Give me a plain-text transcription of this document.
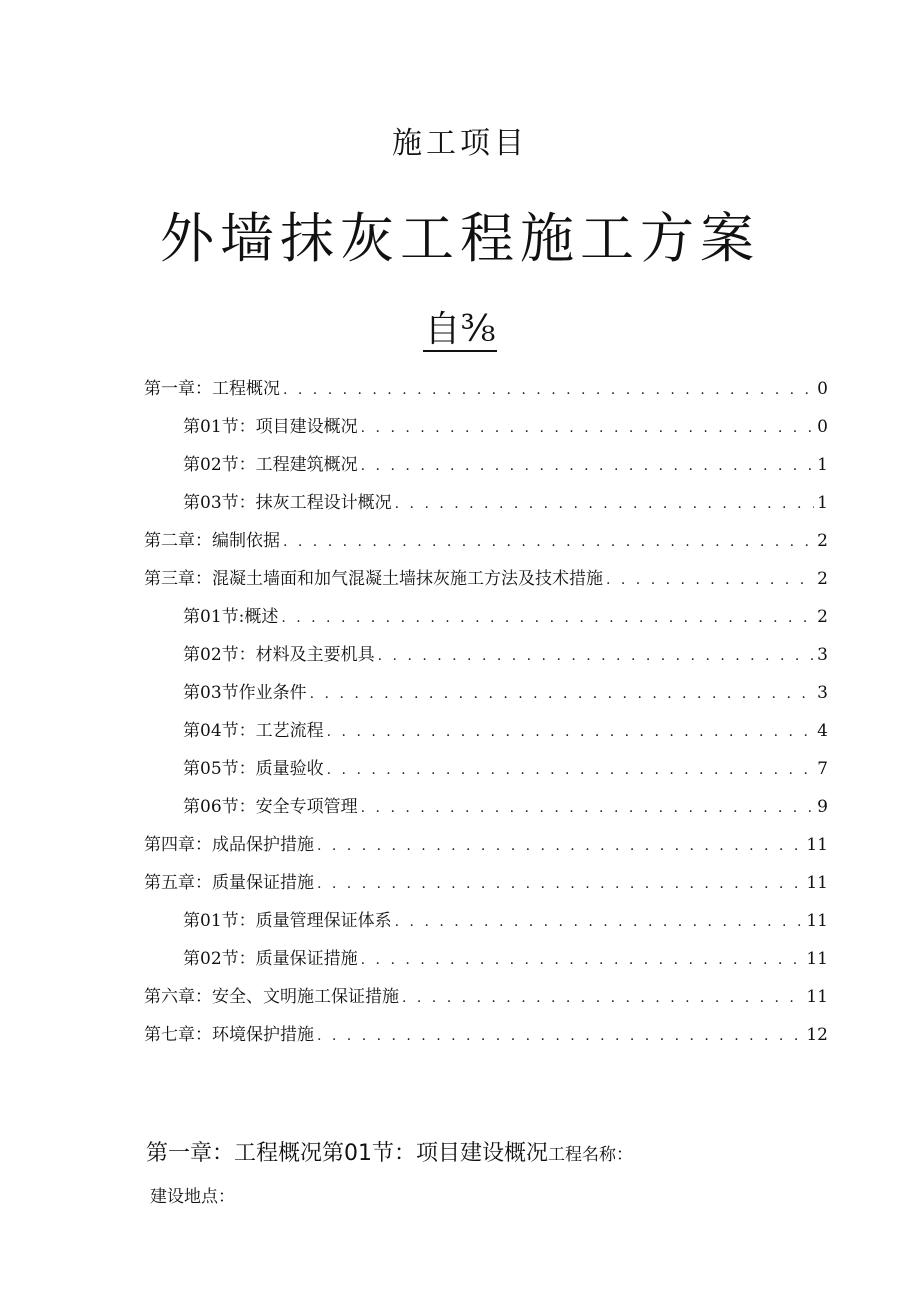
施工项目
外墙抹灰工程施工方案
自⅜
第一章：工程概况 . . .	0
第01节：项目建设概况 . . .	0
第02节：工程建筑概况 . . .	1
第03节：抹灰工程设计概况 . . .	1
第二章：编制依据 . . .	2
第三章：混凝土墙面和加气混凝土墙抹灰施工方法及技术措施 . . .	2
第01节:概述 . . .	2
第02节：材料及主要机具 . . .	3
第03节作业条件 . . .	3
第04节：工艺流程 . . .	4
第05节：质量验收 . . .	7
第06节：安全专项管理 . . .	9
第四章：成品保护措施 . . .	11
第五章：质量保证措施 . . .	11
第01节：质量管理保证体系 . . .	11
第02节：质量保证措施 . . .	11
第六章：安全、文明施工保证措施 . . .	11
第七章：环境保护措施 . . .	12
第一章：工程概况第01节：项目建设概况工程名称：
建设地点：
